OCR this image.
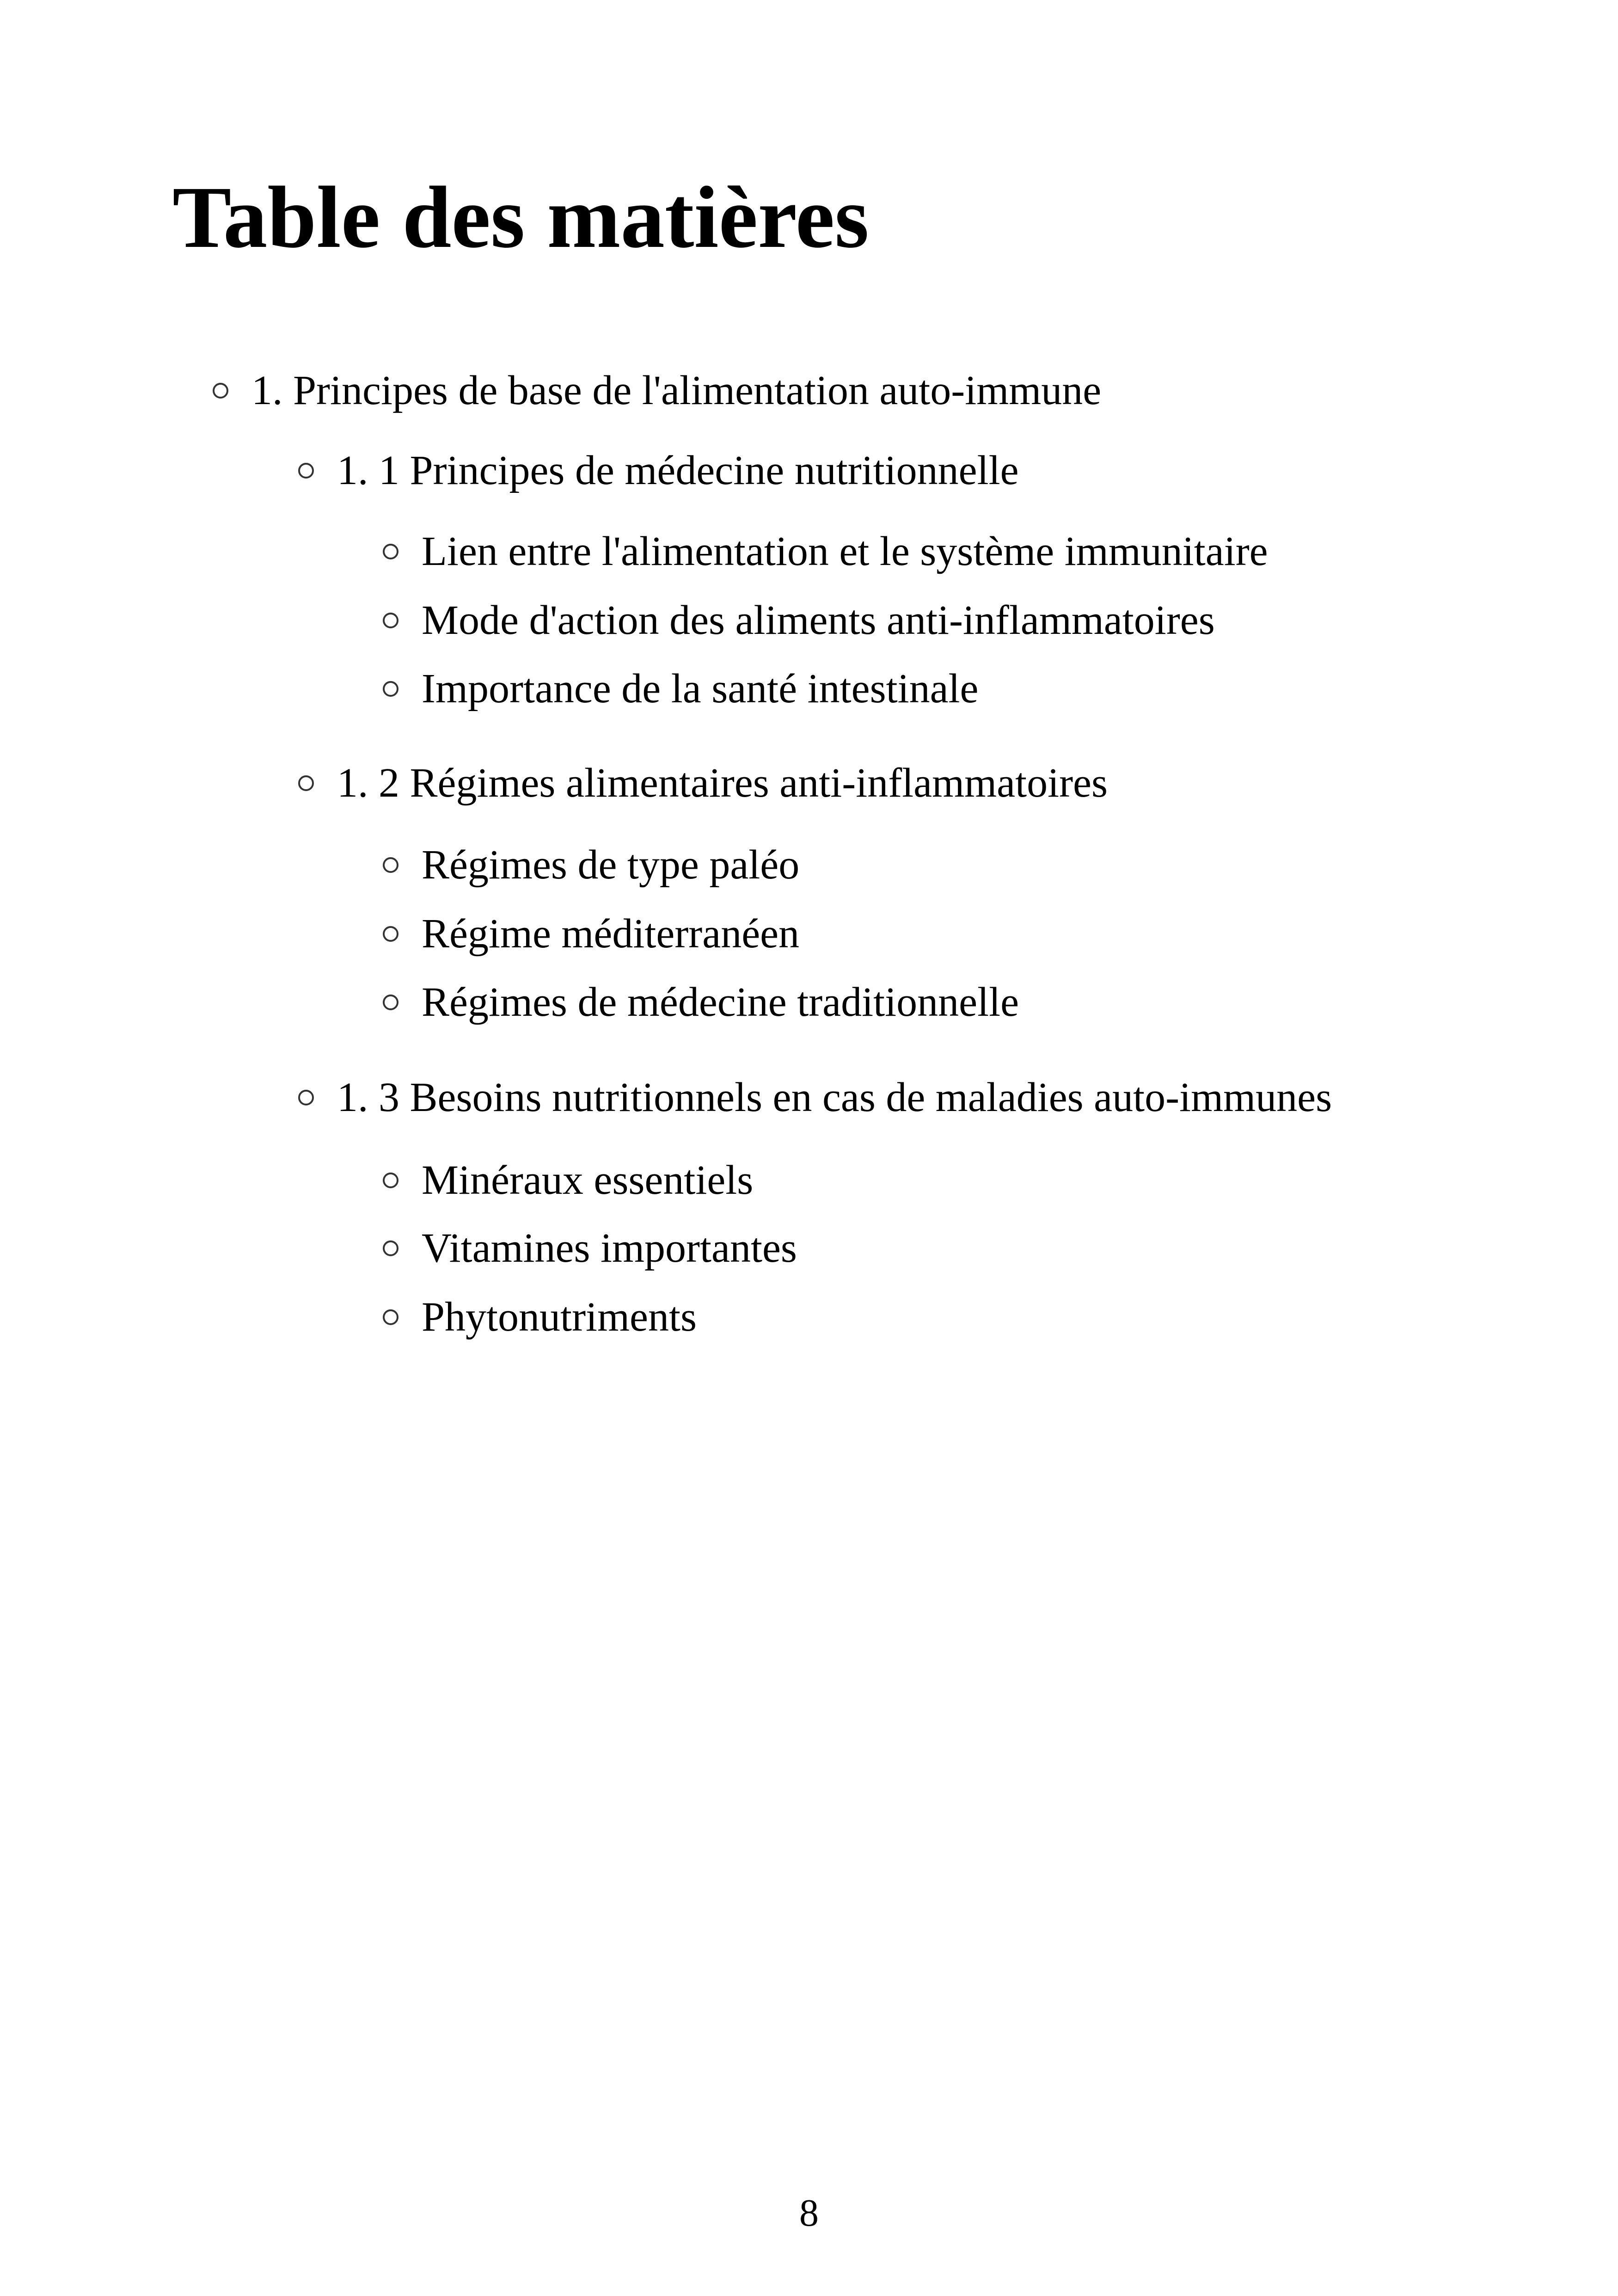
Table des matières
1. Principes de base de l'alimentation auto-immune
1. 1 Principes de médecine nutritionnelle
Lien entre l'alimentation et le système immunitaire
Mode d'action des aliments anti-inflammatoires
Importance de la santé intestinale
1. 2 Régimes alimentaires anti-inflammatoires
Régimes de type paléo
Régime méditerranéen
Régimes de médecine traditionnelle
1. 3 Besoins nutritionnels en cas de maladies auto-immunes
Minéraux essentiels
Vitamines importantes
Phytonutriments
8
